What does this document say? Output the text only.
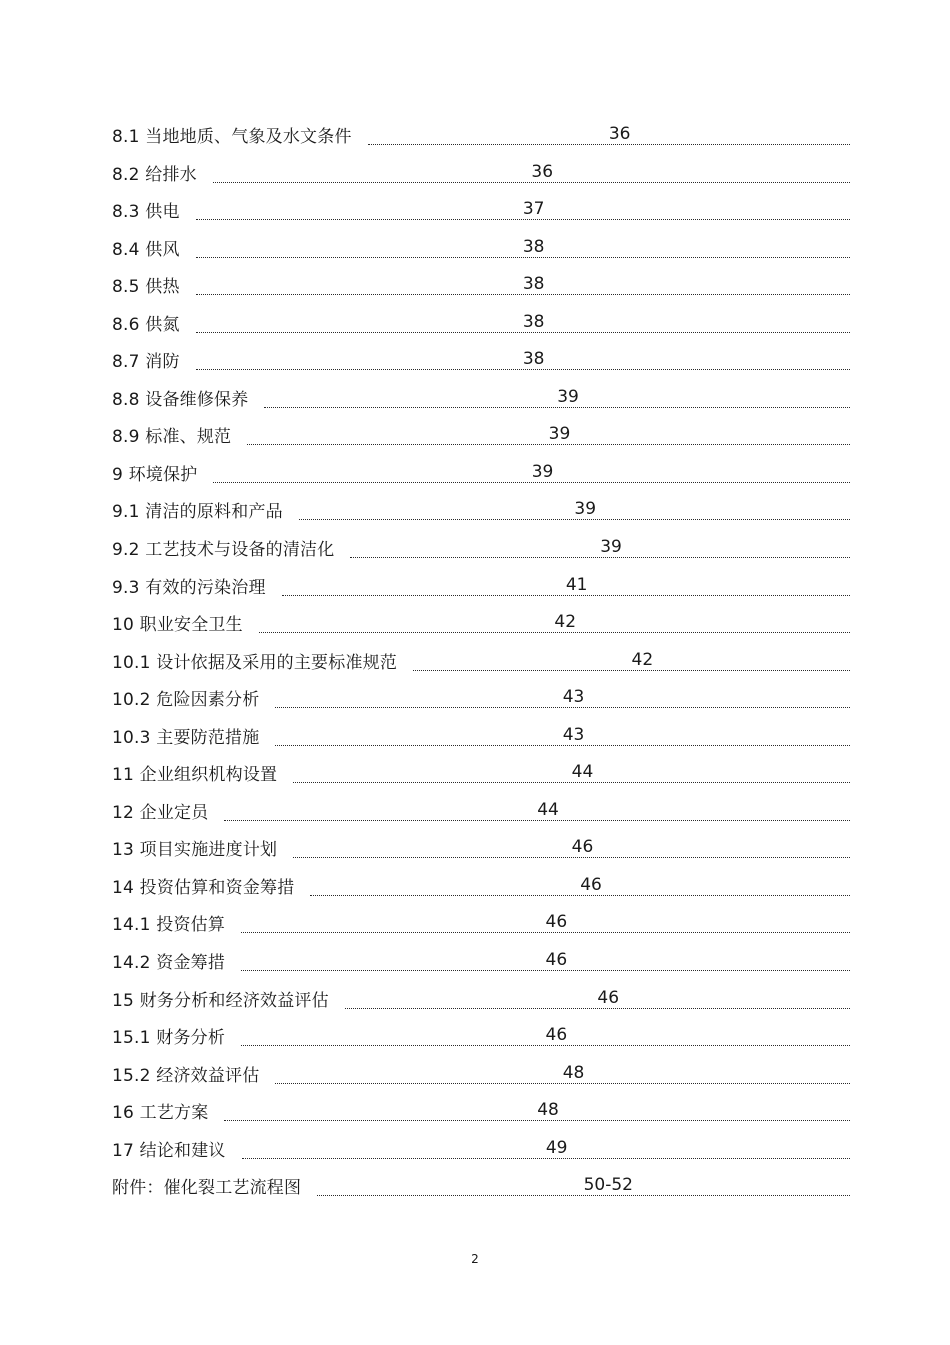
8.1 当地地质、气象及水文条件	36
8.2 给排水	36
8.3 供电	37
8.4 供风	38
8.5 供热	38
8.6 供氮	38
8.7 消防	38
8.8 设备维修保养	39
8.9 标准、规范	39
9 环境保护	39
9.1 清洁的原料和产品	39
9.2 工艺技术与设备的清洁化	39
9.3 有效的污染治理	41
10 职业安全卫生	42
10.1 设计依据及采用的主要标准规范	42
10.2 危险因素分析	43
10.3 主要防范措施	43
11 企业组织机构设置	44
12 企业定员	44
13 项目实施进度计划	46
14 投资估算和资金筹措	46
14.1 投资估算	46
14.2 资金筹措	46
15 财务分析和经济效益评估	46
15.1 财务分析	46
15.2 经济效益评估	48
16 工艺方案	48
17 结论和建议	49
附件：催化裂工艺流程图	50-52
2
